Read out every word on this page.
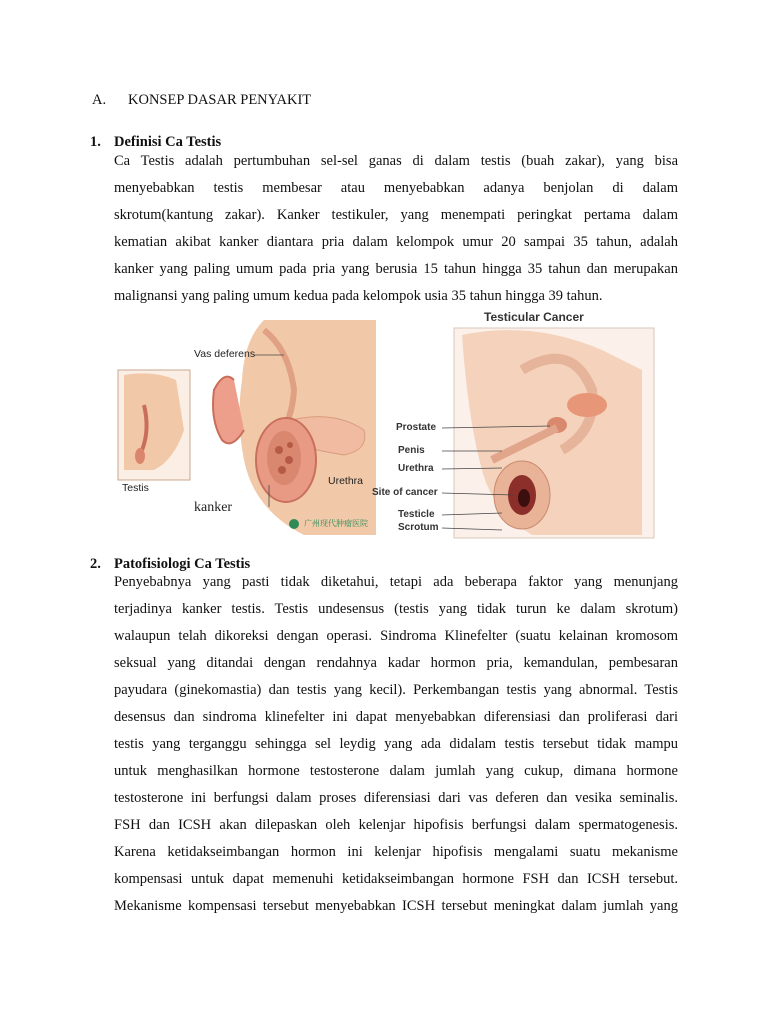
A. KONSEP DASAR PENYAKIT
1. Definisi Ca Testis
Ca Testis adalah pertumbuhan sel-sel ganas di dalam testis (buah zakar), yang bisa
menyebabkan testis membesar atau menyebabkan adanya benjolan di dalam
skrotum(kantung zakar). Kanker testikuler, yang menempati peringkat pertama dalam
kematian akibat kanker diantara pria dalam kelompok umur 20 sampai 35 tahun, adalah
kanker yang paling umum pada pria yang berusia 15 tahun hingga 35 tahun dan merupakan
malignansi yang paling umum kedua pada kelompok usia 35 tahun hingga 39 tahun.
Vas deferens
Testis
Urethra
kanker
广州现代肿瘤医院
Testicular Cancer
Prostate
Penis
Urethra
Site of cancer
Testicle
Scrotum
2. Patofisiologi Ca Testis
Penyebabnya yang pasti tidak diketahui, tetapi ada beberapa faktor yang menunjang
terjadinya kanker testis. Testis undesensus (testis yang tidak turun ke dalam skrotum)
walaupun telah dikoreksi dengan operasi. Sindroma Klinefelter (suatu kelainan kromosom
seksual yang ditandai dengan rendahnya kadar hormon pria, kemandulan, pembesaran
payudara (ginekomastia) dan testis yang kecil). Perkembangan testis yang abnormal. Testis
desensus dan sindroma klinefelter ini dapat menyebabkan diferensiasi dan proliferasi dari
testis yang terganggu sehingga sel leydig yang ada didalam testis tersebut tidak mampu
untuk menghasilkan hormone testosterone dalam jumlah yang cukup, dimana hormone
testosterone ini berfungsi dalam proses diferensiasi dari vas deferen dan vesika seminalis.
FSH dan ICSH akan dilepaskan oleh kelenjar hipofisis berfungsi dalam spermatogenesis.
Karena ketidakseimbangan hormon ini kelenjar hipofisis mengalami suatu mekanisme
kompensasi untuk dapat memenuhi ketidakseimbangan hormone FSH dan ICSH tersebut.
Mekanisme kompensasi tersebut menyebabkan ICSH tersebut meningkat dalam jumlah yang
